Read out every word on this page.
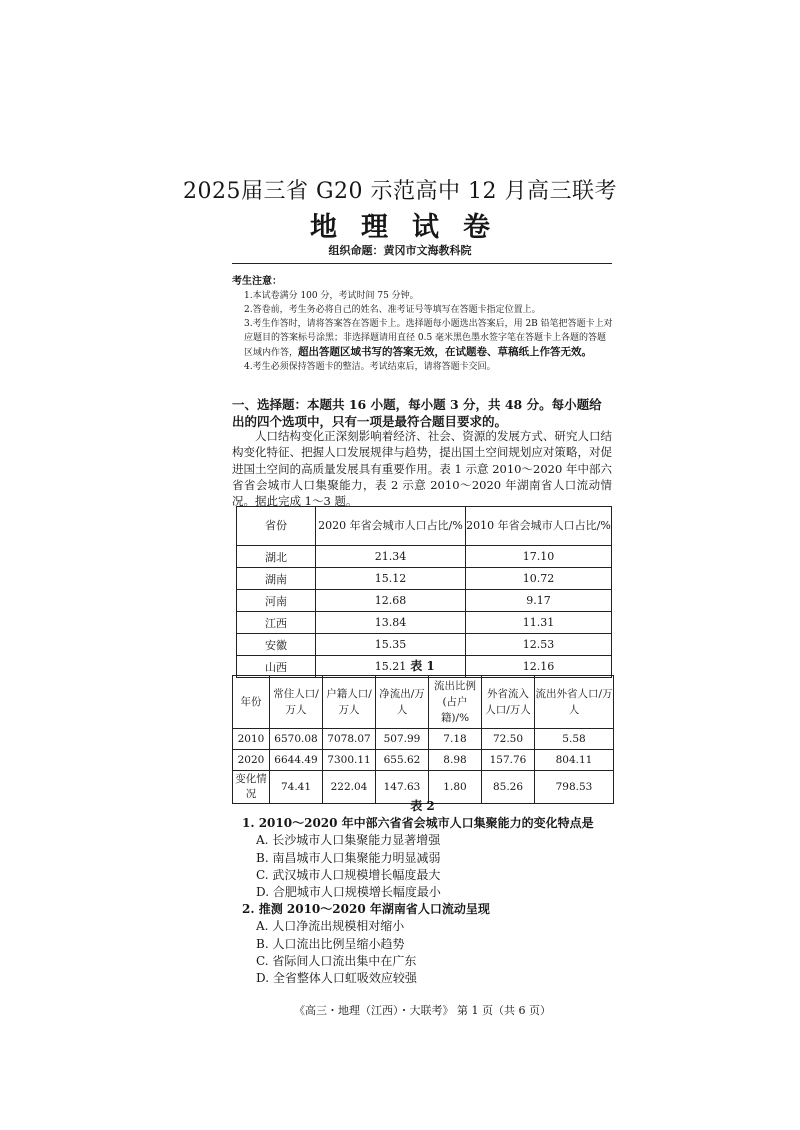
2025届三省 G20 示范高中 12 月高三联考
地理试卷
组织命题：黄冈市文海教科院

考生注意：

1.本试卷满分 100 分，考试时间 75 分钟。

2.答卷前，考生务必将自己的姓名、准考证号等填写在答题卡指定位置上。

3.考生作答时，请将答案答在答题卡上。选择题每小题选出答案后，用 2B 铅笔把答题卡上对应题目的答案标号涂黑；非选择题请用直径 0.5 毫米黑色墨水签字笔在答题卡上各题的答题区域内作答，超出答题区域书写的答案无效，在试题卷、草稿纸上作答无效。

4.考生必须保持答题卡的整洁。考试结束后，请将答题卡交回。

一、选择题：本题共 16 小题，每小题 3 分，共 48 分。每小题给出的四个选项中，只有一项是最符合题目要求的。
人口结构变化正深刻影响着经济、社会、资源的发展方式、研究人口结构变化特征、把握人口发展规律与趋势，提出国土空间规划应对策略，对促进国土空间的高质量发展具有重要作用。表 1 示意 2010～2020 年中部六省省会城市人口集聚能力，表 2 示意 2010～2020 年湖南省人口流动情况。据此完成 1～3 题。
省份	2020 年省会城市人口占比/%	2010 年省会城市人口占比/%
湖北	21.34	17.10
湖南	15.12	10.72
河南	12.68	9.17
江西	13.84	11.31
安徽	15.35	12.53
山西	15.21	12.16
表 1
年份	常住人口/万人	户籍人口/万人	净流出/万人	流出比例(占户籍)/%	外省流入人口/万人	流出外省人口/万人
2010	6570.08	7078.07	507.99	7.18	72.50	5.58
2020	6644.49	7300.11	655.62	8.98	157.76	804.11
变化情况	74.41	222.04	147.63	1.80	85.26	798.53
表 2

1. 2010～2020 年中部六省省会城市人口集聚能力的变化特点是

A. 长沙城市人口集聚能力显著增强

B. 南昌城市人口集聚能力明显减弱

C. 武汉城市人口规模增长幅度最大

D. 合肥城市人口规模增长幅度最小

2. 推测 2010～2020 年湖南省人口流动呈现

A. 人口净流出规模相对缩小

B. 人口流出比例呈缩小趋势

C. 省际间人口流出集中在广东

D. 全省整体人口虹吸效应较强

《高三・地理（江西）・大联考》 第 1 页（共 6 页）
